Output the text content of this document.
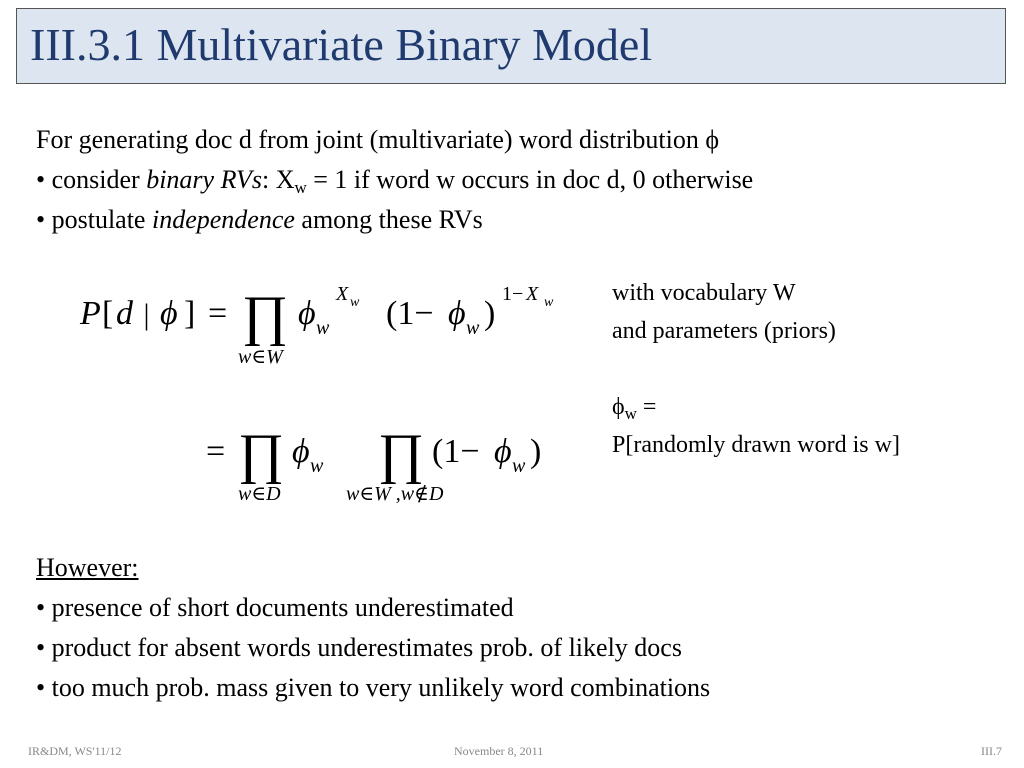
III.3.1 Multivariate Binary Model
For generating doc d from joint (multivariate) word distribution ϕ
• consider binary RVs: $X_w = 1$ if word w occurs in doc d, 0 otherwise
• postulate independence among these RVs
P [ d | ϕ ] = ∏
w∈W
ϕ w
X w (1− ϕ w )
1− X w
= ∏
w∈D
ϕ w ∏
w∈W ,w∉D
(1− ϕ w )
with vocabulary W
and parameters (priors)
$\phi_w$ =
P[randomly drawn word is w]
However:
• presence of short documents underestimated
• product for absent words underestimates prob. of likely docs
• too much prob. mass given to very unlikely word combinations
IR&DM, WS'11/12	November 8, 2011	III.7
